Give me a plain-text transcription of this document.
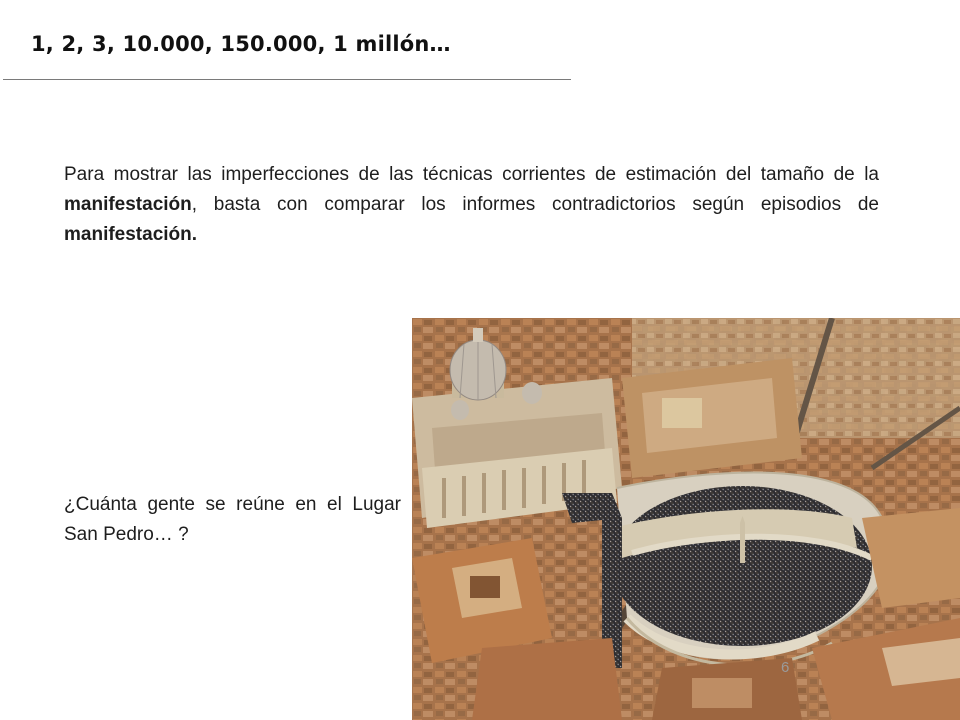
1, 2, 3, 10.000, 150.000, 1 millón…

Para mostrar las imperfecciones de las técnicas corrientes de estimación del tamaño de la manifestación, basta con comparar los informes contradictorios según episodios de manifestación.

¿Cuánta gente se reúne en el Lugar San Pedro… ?

6
